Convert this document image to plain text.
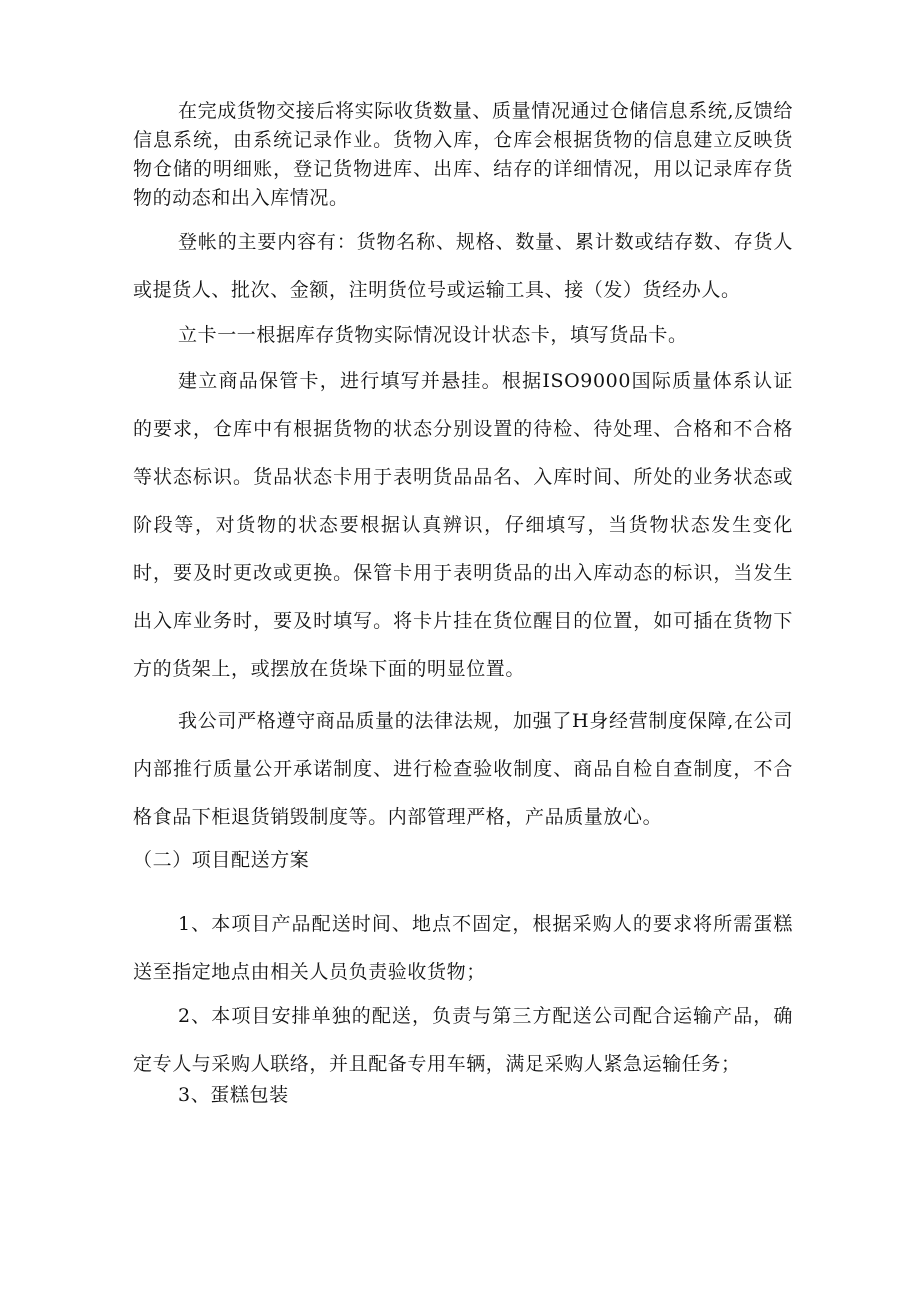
在完成货物交接后将实际收货数量、质量情况通过仓储信息系统,反馈给信息系统，由系统记录作业。货物入库，仓库会根据货物的信息建立反映货物仓储的明细账，登记货物进库、出库、结存的详细情况，用以记录库存货物的动态和出入库情况。

登帐的主要内容有：货物名称、规格、数量、累计数或结存数、存货人或提货人、批次、金额，注明货位号或运输工具、接（发）货经办人。

立卡一一根据库存货物实际情况设计状态卡，填写货品卡。

建立商品保管卡，进行填写并悬挂。根据ISO9000国际质量体系认证的要求，仓库中有根据货物的状态分别设置的待检、待处理、合格和不合格等状态标识。货品状态卡用于表明货品品名、入库时间、所处的业务状态或阶段等，对货物的状态要根据认真辨识，仔细填写，当货物状态发生变化时，要及时更改或更换。保管卡用于表明货品的出入库动态的标识，当发生出入库业务时，要及时填写。将卡片挂在货位醒目的位置，如可插在货物下方的货架上，或摆放在货垛下面的明显位置。

我公司严格遵守商品质量的法律法规，加强了H身经营制度保障,在公司内部推行质量公开承诺制度、进行检查验收制度、商品自检自查制度，不合格食品下柜退货销毁制度等。内部管理严格，产品质量放心。

（二）项目配送方案

1、本项目产品配送时间、地点不固定，根据采购人的要求将所需蛋糕送至指定地点由相关人员负责验收货物；

2、本项目安排单独的配送，负责与第三方配送公司配合运输产品，确定专人与采购人联络，并且配备专用车辆，满足采购人紧急运输任务；

3、蛋糕包装
